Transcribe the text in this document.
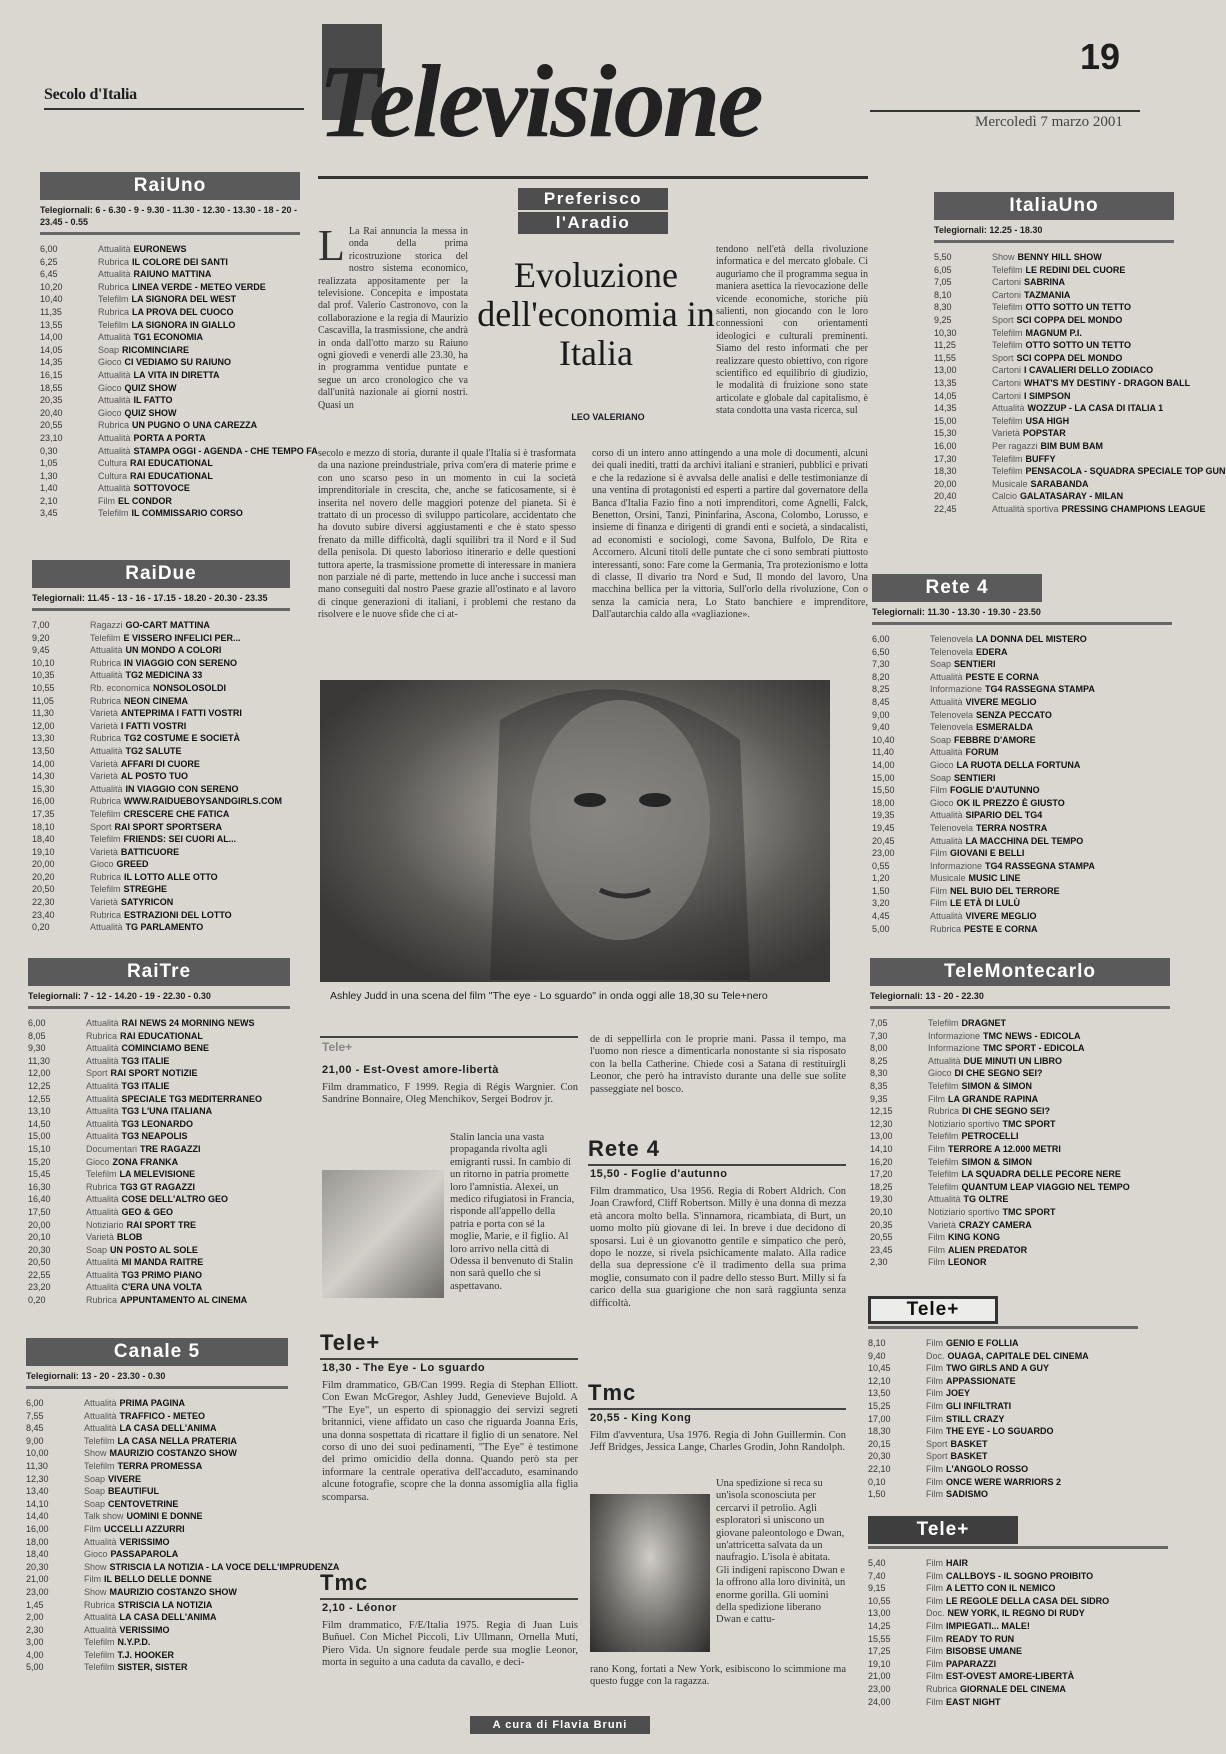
19
Secolo d'Italia Televisione	Mercoledì 7 marzo 2001
RaiUno
Telegiornali: 6 - 6.30 - 9 - 9.30 - 11.30 - 12.30 - 13.30 - 18 - 20 - 23.45 - 0.55
6,00	Attualità EURONEWS
6,25	Rubrica IL COLORE DEI SANTI
6,45	Attualità RAIUNO MATTINA
10,20	Rubrica LINEA VERDE - METEO VERDE
10,40	Telefilm LA SIGNORA DEL WEST
11,35	Rubrica LA PROVA DEL CUOCO
13,55	Telefilm LA SIGNORA IN GIALLO
14,00	Attualità TG1 ECONOMIA
14,05	Soap RICOMINCIARE
14,35	Gioco CI VEDIAMO SU RAIUNO
16,15	Attualità LA VITA IN DIRETTA
18,55	Gioco QUIZ SHOW
20,35	Attualità IL FATTO
20,40	Gioco QUIZ SHOW
20,55	Rubrica UN PUGNO O UNA CAREZZA
23,10	Attualità PORTA A PORTA
0,30	Attualità STAMPA OGGI - AGENDA - CHE TEMPO FA
1,05	Cultura RAI EDUCATIONAL
1,30	Cultura RAI EDUCATIONAL
1,40	Attualità SOTTOVOCE
2,10	Film EL CONDOR
3,45	Telefilm IL COMMISSARIO CORSO
RaiDue
Telegiornali: 11.45 - 13 - 16 - 17.15 - 18.20 - 20.30 - 23.35
7,00	Ragazzi GO-CART MATTINA
9,20	Telefilm E VISSERO INFELICI PER...
9,45	Attualità UN MONDO A COLORI
10,10	Rubrica IN VIAGGIO CON SERENO
10,35	Attualità TG2 MEDICINA 33
10,55	Rb. economica NONSOLOSOLDI
11,05	Rubrica NEON CINEMA
11,30	Varietà ANTEPRIMA I FATTI VOSTRI
12,00	Varietà I FATTI VOSTRI
13,30	Rubrica TG2 COSTUME E SOCIETÀ
13,50	Attualità TG2 SALUTE
14,00	Varietà AFFARI DI CUORE
14,30	Varietà AL POSTO TUO
15,30	Attualità IN VIAGGIO CON SERENO
16,00	Rubrica WWW.RAIDUEBOYSANDGIRLS.COM
17,35	Telefilm CRESCERE CHE FATICA
18,10	Sport RAI SPORT SPORTSERA
18,40	Telefilm FRIENDS: SEI CUORI AL...
19,10	Varietà BATTICUORE
20,00	Gioco GREED
20,20	Rubrica IL LOTTO ALLE OTTO
20,50	Telefilm STREGHE
22,30	Varietà SATYRICON
23,40	Rubrica ESTRAZIONI DEL LOTTO
0,20	Attualità TG PARLAMENTO
RaiTre
Telegiornali: 7 - 12 - 14.20 - 19 - 22.30 - 0.30
6,00	Attualità RAI NEWS 24 MORNING NEWS
8,05	Rubrica RAI EDUCATIONAL
9,30	Attualità COMINCIAMO BENE
11,30	Attualità TG3 ITALIE
12,00	Sport RAI SPORT NOTIZIE
12,25	Attualità TG3 ITALIE
12,55	Attualità SPECIALE TG3 MEDITERRANEO
13,10	Attualità TG3 L'UNA ITALIANA
14,50	Attualità TG3 LEONARDO
15,00	Attualità TG3 NEAPOLIS
15,10	Documentari TRE RAGAZZI
15,20	Gioco ZONA FRANKA
15,45	Telefilm LA MELEVISIONE
16,30	Rubrica TG3 GT RAGAZZI
16,40	Attualità COSE DELL'ALTRO GEO
17,50	Attualità GEO & GEO
20,00	Notiziario RAI SPORT TRE
20,10	Varietà BLOB
20,30	Soap UN POSTO AL SOLE
20,50	Attualità MI MANDA RAITRE
22,55	Attualità TG3 PRIMO PIANO
23,20	Attualità C'ERA UNA VOLTA
0,20	Rubrica APPUNTAMENTO AL CINEMA
Canale 5
Telegiornali: 13 - 20 - 23.30 - 0.30
6,00	Attualità PRIMA PAGINA
7,55	Attualità TRAFFICO - METEO
8,45	Attualità LA CASA DELL'ANIMA
9,00	Telefilm LA CASA NELLA PRATERIA
10,00	Show MAURIZIO COSTANZO SHOW
11,30	Telefilm TERRA PROMESSA
12,30	Soap VIVERE
13,40	Soap BEAUTIFUL
14,10	Soap CENTOVETRINE
14,40	Talk show UOMINI E DONNE
16,00	Film UCCELLI AZZURRI
18,00	Attualità VERISSIMO
18,40	Gioco PASSAPAROLA
20,30	Show STRISCIA LA NOTIZIA - LA VOCE DELL'IMPRUDENZA
21,00	Film IL BELLO DELLE DONNE
23,00	Show MAURIZIO COSTANZO SHOW
1,45	Rubrica STRISCIA LA NOTIZIA
2,00	Attualità LA CASA DELL'ANIMA
2,30	Attualità VERISSIMO
3,00	Telefilm N.Y.P.D.
4,00	Telefilm T.J. HOOKER
5,00	Telefilm SISTER, SISTER
ItaliaUno
Telegiornali: 12.25 - 18.30
5,50	Show BENNY HILL SHOW
6,05	Telefilm LE REDINI DEL CUORE
7,05	Cartoni SABRINA
8,10	Cartoni TAZMANIA
8,30	Telefilm OTTO SOTTO UN TETTO
9,25	Sport SCI COPPA DEL MONDO
10,30	Telefilm MAGNUM P.I.
11,25	Telefilm OTTO SOTTO UN TETTO
11,55	Sport SCI COPPA DEL MONDO
13,00	Cartoni I CAVALIERI DELLO ZODIACO
13,35	Cartoni WHAT'S MY DESTINY - DRAGON BALL
14,05	Cartoni I SIMPSON
14,35	Attualità WOZZUP - LA CASA DI ITALIA 1
15,00	Telefilm USA HIGH
15,30	Varietà POPSTAR
16,00	Per ragazzi BIM BUM BAM
17,30	Telefilm BUFFY
18,30	Telefilm PENSACOLA - SQUADRA SPECIALE TOP GUN
20,00	Musicale SARABANDA
20,40	Calcio GALATASARAY - MILAN
22,45	Attualità sportiva PRESSING CHAMPIONS LEAGUE
Rete 4
Telegiornali: 11.30 - 13.30 - 19.30 - 23.50
6,00	Telenovela LA DONNA DEL MISTERO
6,50	Telenovela EDERA
7,30	Soap SENTIERI
8,20	Attualità PESTE E CORNA
8,25	Informazione TG4 RASSEGNA STAMPA
8,45	Attualità VIVERE MEGLIO
9,00	Telenovela SENZA PECCATO
9,40	Telenovela ESMERALDA
10,40	Soap FEBBRE D'AMORE
11,40	Attualità FORUM
14,00	Gioco LA RUOTA DELLA FORTUNA
15,00	Soap SENTIERI
15,50	Film FOGLIE D'AUTUNNO
18,00	Gioco OK IL PREZZO È GIUSTO
19,35	Attualità SIPARIO DEL TG4
19,45	Telenovela TERRA NOSTRA
20,45	Attualità LA MACCHINA DEL TEMPO
23,00	Film GIOVANI E BELLI
0,55	Informazione TG4 RASSEGNA STAMPA
1,20	Musicale MUSIC LINE
1,50	Film NEL BUIO DEL TERRORE
3,20	Film LE ETÀ DI LULÙ
4,45	Attualità VIVERE MEGLIO
5,00	Rubrica PESTE E CORNA
TeleMontecarlo
Telegiornali: 13 - 20 - 22.30
7,05	Telefilm DRAGNET
7,30	Informazione TMC NEWS - EDICOLA
8,00	Informazione TMC SPORT - EDICOLA
8,25	Attualità DUE MINUTI UN LIBRO
8,30	Gioco DI CHE SEGNO SEI?
8,35	Telefilm SIMON & SIMON
9,35	Film LA GRANDE RAPINA
12,15	Rubrica DI CHE SEGNO SEI?
12,30	Notiziario sportivo TMC SPORT
13,00	Telefilm PETROCELLI
14,10	Film TERRORE A 12.000 METRI
16,20	Telefilm SIMON & SIMON
17,20	Telefilm LA SQUADRA DELLE PECORE NERE
18,25	Telefilm QUANTUM LEAP VIAGGIO NEL TEMPO
19,30	Attualità TG OLTRE
20,10	Notiziario sportivo TMC SPORT
20,35	Varietà CRAZY CAMERA
20,55	Film KING KONG
23,45	Film ALIEN PREDATOR
2,30	Film LEONOR
Tele+
8,10	Film GENIO E FOLLIA
9,40	Doc. OUAGA, CAPITALE DEL CINEMA
10,45	Film TWO GIRLS AND A GUY
12,10	Film APPASSIONATE
13,50	Film JOEY
15,25	Film GLI INFILTRATI
17,00	Film STILL CRAZY
18,30	Film THE EYE - LO SGUARDO
20,15	Sport BASKET
20,30	Sport BASKET
22,10	Film L'ANGOLO ROSSO
0,10	Film ONCE WERE WARRIORS 2
1,50	Film SADISMO
Tele+
5,40	Film HAIR
7,40	Film CALLBOYS - IL SOGNO PROIBITO
9,15	Film A LETTO CON IL NEMICO
10,55	Film LE REGOLE DELLA CASA DEL SIDRO
13,00	Doc. NEW YORK, IL REGNO DI RUDY
14,25	Film IMPIEGATI... MALE!
15,55	Film READY TO RUN
17,25	Film BISOBSE UMANE
19,10	Film PAPARAZZI
21,00	Film EST-OVEST AMORE-LIBERTÀ
23,00	Rubrica GIORNALE DEL CINEMA
24,00	Film EAST NIGHT
Preferisco
l'Aradio
Evoluzione dell'economia in Italia
LEO VALERIANO
L La Rai annuncia la messa in onda della prima ricostruzione storica del nostro sistema economico, realizzata appositamente per la televisione. Concepita e impostata dal prof. Valerio Castronovo, con la collaborazione e la regia di Maurizio Cascavilla, la trasmissione, che andrà in onda dall'otto marzo su Raiuno ogni giovedì e venerdì alle 23.30, ha in programma ventidue puntate e segue un arco cronologico che va dall'unità nazionale ai giorni nostri. Quasi un
secolo e mezzo di storia, durante il quale l'Italia si è trasformata da una nazione preindustriale, priva com'era di materie prime e con uno scarso peso in un momento in cui la società imprenditoriale in crescita, che, anche se faticosamente, si è inserita nel novero delle maggiori potenze del pianeta. Si è trattato di un processo di sviluppo particolare, accidentato che ha dovuto subire diversi aggiustamenti e che è stato spesso frenato da mille difficoltà, dagli squilibri tra il Nord e il Sud della penisola. Di questo laborioso itinerario e delle questioni tuttora aperte, la trasmissione promette di interessare in maniera non parziale né di parte, mettendo in luce anche i successi man mano conseguiti dal nostro Paese grazie all'ostinato e al lavoro di cinque generazioni di italiani, i problemi che restano da risolvere e le nuove sfide che ci at-
tendono nell'età della rivoluzione informatica e del mercato globale. Ci auguriamo che il programma segua in maniera asettica la rievocazione delle vicende economiche, storiche più salienti, non giocando con le loro connessioni con orientamenti ideologici e culturali preminenti. Siamo del resto informati che per realizzare questo obiettivo, con rigore scientifico ed equilibrio di giudizio, le modalità di fruizione sono state articolate e globale dal capitalismo, è stata condotta una vasta ricerca, sul
corso di un intero anno attingendo a una mole di documenti, alcuni dei quali inediti, tratti da archivi italiani e stranieri, pubblici e privati e che la redazione si è avvalsa delle analisi e delle testimonianze di una ventina di protagonisti ed esperti a partire dal governatore della Banca d'Italia Fazio fino a noti imprenditori, come Agnelli, Falck, Benetton, Orsini, Tanzi, Pininfarina, Ascona, Colombo, Lorusso, e insieme di finanza e dirigenti di grandi enti e società, a sindacalisti, ad economisti e sociologi, come Savona, Bulfolo, De Rita e Accornero. Alcuni titoli delle puntate che ci sono sembrati piuttosto interessanti, sono: Fare come la Germania, Tra protezionismo e lotta di classe, Il divario tra Nord e Sud, Il mondo del lavoro, Una macchina bellica per la vittoria, Sull'orlo della rivoluzione, Con o senza la camicia nera, Lo Stato banchiere e imprenditore, Dall'autarchia caldo alla «vagliazione».
Ashley Judd in una scena del film "The eye - Lo sguardo" in onda oggi alle 18,30 su Tele+nero
Tele+
21,00 - Est-Ovest amore-libertà
Film drammatico, F 1999. Regia di Régis Wargnier. Con Sandrine Bonnaire, Oleg Menchikov, Sergei Bodrov jr.
Stalin lancia una vasta propaganda rivolta agli emigranti russi. In cambio di un ritorno in patria promette loro l'amnistia. Alexei, un medico rifugiatosi in Francia, risponde all'appello della patria e porta con sé la moglie, Marie, e il figlio. Al loro arrivo nella città di Odessa il benvenuto di Stalin non sarà quello che si aspettavano.
Tele+
18,30 - The Eye - Lo sguardo
Film drammatico, GB/Can 1999. Regia di Stephan Elliott. Con Ewan McGregor, Ashley Judd, Genevieve Bujold. A "The Eye", un esperto di spionaggio dei servizi segreti britannici, viene affidato un caso che riguarda Joanna Eris, una donna sospettata di ricattare il figlio di un senatore. Nel corso di uno dei suoi pedinamenti, "The Eye" è testimone del primo omicidio della donna. Quando però sta per informare la centrale operativa dell'accaduto, esaminando alcune fotografie, scopre che la donna assomiglia alla figlia scomparsa.
Tmc
2,10 - Léonor
Film drammatico, F/E/Italia 1975. Regia di Juan Luis Buñuel. Con Michel Piccoli, Liv Ullmann, Ornella Muti, Piero Vida. Un signore feudale perde sua moglie Leonor, morta in seguito a una caduta da cavallo, e deci-
de di seppellirla con le proprie mani. Passa il tempo, ma l'uomo non riesce a dimenticarla nonostante si sia risposato con la bella Catherine. Chiede così a Satana di restituirgli Leonor, che però ha intravisto durante una delle sue solite passeggiate nel bosco.
Rete 4
15,50 - Foglie d'autunno
Film drammatico, Usa 1956. Regia di Robert Aldrich. Con Joan Crawford, Cliff Robertson. Milly è una donna di mezza età ancora molto bella. S'innamora, ricambiata, di Burt, un uomo molto più giovane di lei. In breve i due decidono di sposarsi. Lui è un giovanotto gentile e simpatico che però, dopo le nozze, si rivela psichicamente malato. Alla radice della sua depressione c'è il tradimento della sua prima moglie, consumato con il padre dello stesso Burt. Milly si fa carico della sua guarigione che non sarà raggiunta senza difficoltà.
Tmc
20,55 - King Kong
Film d'avventura, Usa 1976. Regia di John Guillermin. Con Jeff Bridges, Jessica Lange, Charles Grodin, John Randolph.
Una spedizione si reca su un'isola sconosciuta per cercarvi il petrolio. Agli esploratori si uniscono un giovane paleontologo e Dwan, un'attricetta salvata da un naufragio. L'isola è abitata. Gli indigeni rapiscono Dwan e la offrono alla loro divinità, un enorme gorilla. Gli uomini della spedizione liberano Dwan e cattu-
rano Kong, fortati a New York, esibiscono lo scimmione ma questo fugge con la ragazza.
A cura di Flavia Bruni
